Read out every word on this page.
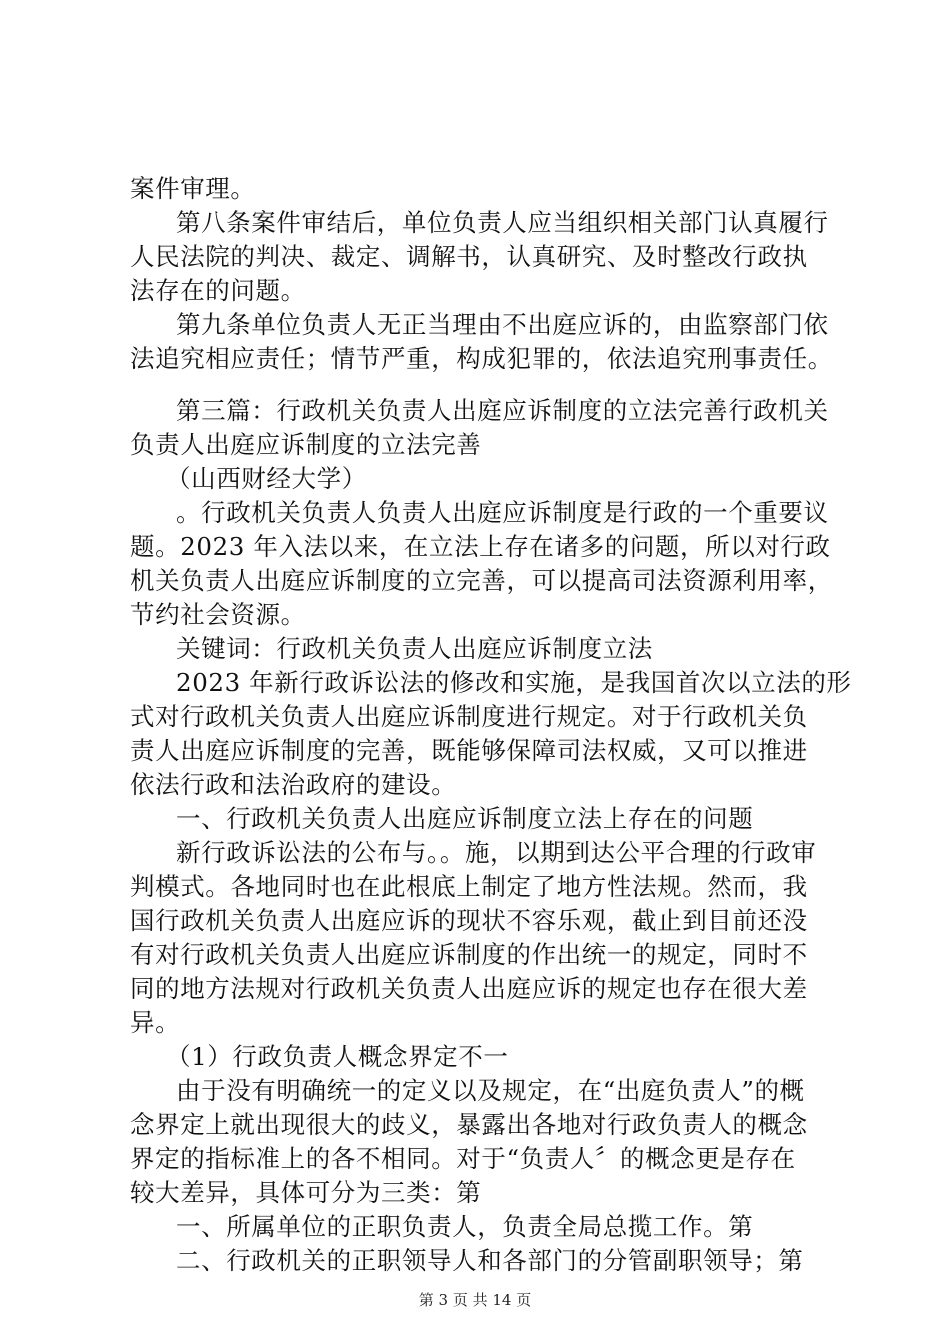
案件审理。
第八条案件审结后，单位负责人应当组织相关部门认真履行
人民法院的判决、裁定、调解书，认真研究、及时整改行政执
法存在的问题。
第九条单位负责人无正当理由不出庭应诉的，由监察部门依
法追究相应责任；情节严重，构成犯罪的，依法追究刑事责任。
第三篇：行政机关负责人出庭应诉制度的立法完善行政机关
负责人出庭应诉制度的立法完善
（山西财经大学）
。行政机关负责人负责人出庭应诉制度是行政的一个重要议
题。2023 年入法以来，在立法上存在诸多的问题，所以对行政
机关负责人出庭应诉制度的立完善，可以提高司法资源利用率，
节约社会资源。
关键词：行政机关负责人出庭应诉制度立法
2023 年新行政诉讼法的修改和实施，是我国首次以立法的形
式对行政机关负责人出庭应诉制度进行规定。对于行政机关负
责人出庭应诉制度的完善，既能够保障司法权威，又可以推进
依法行政和法治政府的建设。
一、行政机关负责人出庭应诉制度立法上存在的问题
新行政诉讼法的公布与。。施，以期到达公平合理的行政审
判模式。各地同时也在此根底上制定了地方性法规。然而，我
国行政机关负责人出庭应诉的现状不容乐观，截止到目前还没
有对行政机关负责人出庭应诉制度的作出统一的规定，同时不
同的地方法规对行政机关负责人出庭应诉的规定也存在很大差
异。
（1）行政负责人概念界定不一
由于没有明确统一的定义以及规定，在“出庭负责人”的概
念界定上就出现很大的歧义，暴露出各地对行政负责人的概念
界定的指标准上的各不相同。对于“负责人〞的概念更是存在
较大差异，具体可分为三类：第
一、所属单位的正职负责人，负责全局总揽工作。第
二、行政机关的正职领导人和各部门的分管副职领导；第
第 3 页 共 14 页
